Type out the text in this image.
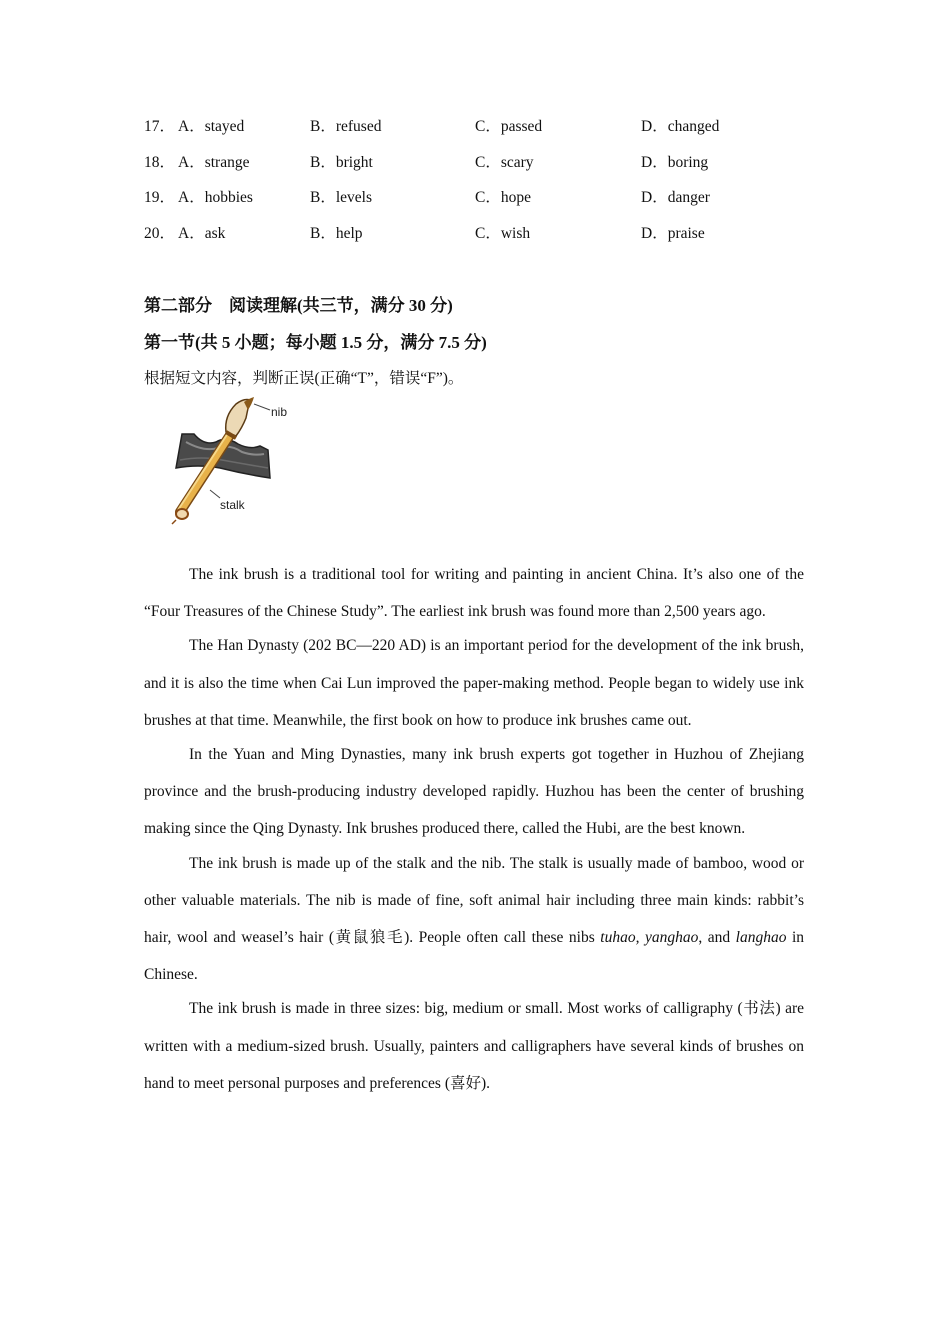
17． A．stayed	B．refused	C．passed	D．changed
18． A．strange	B．bright	C．scary	D．boring
19． A．hobbies	B．levels	C．hope	D．danger
20． A．ask	B．help	C．wish	D．praise
第二部分　阅读理解(共三节，满分 30 分)
第一节(共 5 小题；每小题 1.5 分，满分 7.5 分)
根据短文内容，判断正误(正确“T”，错误“F”)。
nib
stalk

The ink brush is a traditional tool for writing and painting in ancient China. It’s also one of the “Four Treasures of the Chinese Study”. The earliest ink brush was found more than 2,500 years ago.

The Han Dynasty (202 BC—220 AD) is an important period for the development of the ink brush, and it is also the time when Cai Lun improved the paper-making method. People began to widely use ink brushes at that time. Meanwhile, the first book on how to produce ink brushes came out.

In the Yuan and Ming Dynasties, many ink brush experts got together in Huzhou of Zhejiang province and the brush-producing industry developed rapidly. Huzhou has been the center of brushing making since the Qing Dynasty. Ink brushes produced there, called the Hubi, are the best known.

The ink brush is made up of the stalk and the nib. The stalk is usually made of bamboo, wood or other valuable materials. The nib is made of fine, soft animal hair including three main kinds: rabbit’s hair, wool and weasel’s hair (黄鼠狼毛). People often call these nibs tuhao, yanghao, and langhao in Chinese.

The ink brush is made in three sizes: big, medium or small. Most works of calligraphy (书法) are written with a medium-sized brush. Usually, painters and calligraphers have several kinds of brushes on hand to meet personal purposes and preferences (喜好).
